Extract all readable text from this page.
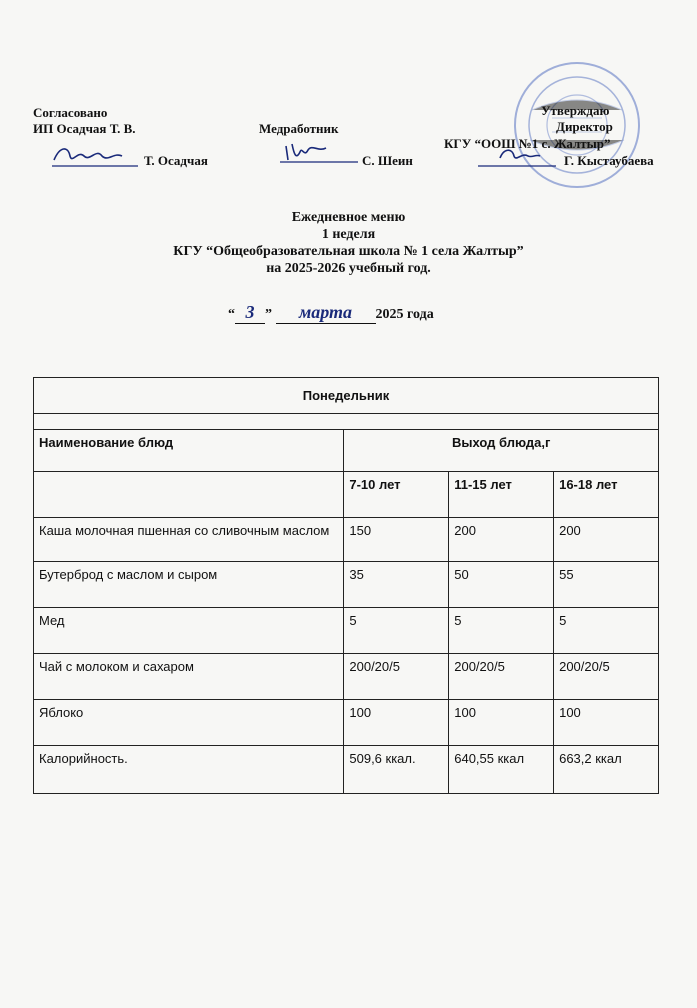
Согласовано
ИП Осадчая Т. В.
Т. Осадчая
Медработник
С. Шеин
Утверждаю
Директор
КГУ “ООШ №1 с. Жалтыр”
Г. Кыстаубаева
Ежедневное меню
1 неделя
КГУ “Общеобразовательная школа № 1 села Жалтыр”
на 2025-2026 учебный год.
“ 3 ” марта 2025 года
Понедельник			

Наименование блюд	Выход блюда,г		
	7-10 лет	11-15 лет	16-18 лет
Каша молочная пшенная со сливочным маслом	150	200	200
Бутерброд с маслом и сыром	35	50	55
Мед	5	5	5
Чай с молоком и сахаром	200/20/5	200/20/5	200/20/5
Яблоко	100	100	100
Калорийность.	509,6 ккал.	640,55 ккал	663,2 ккал
